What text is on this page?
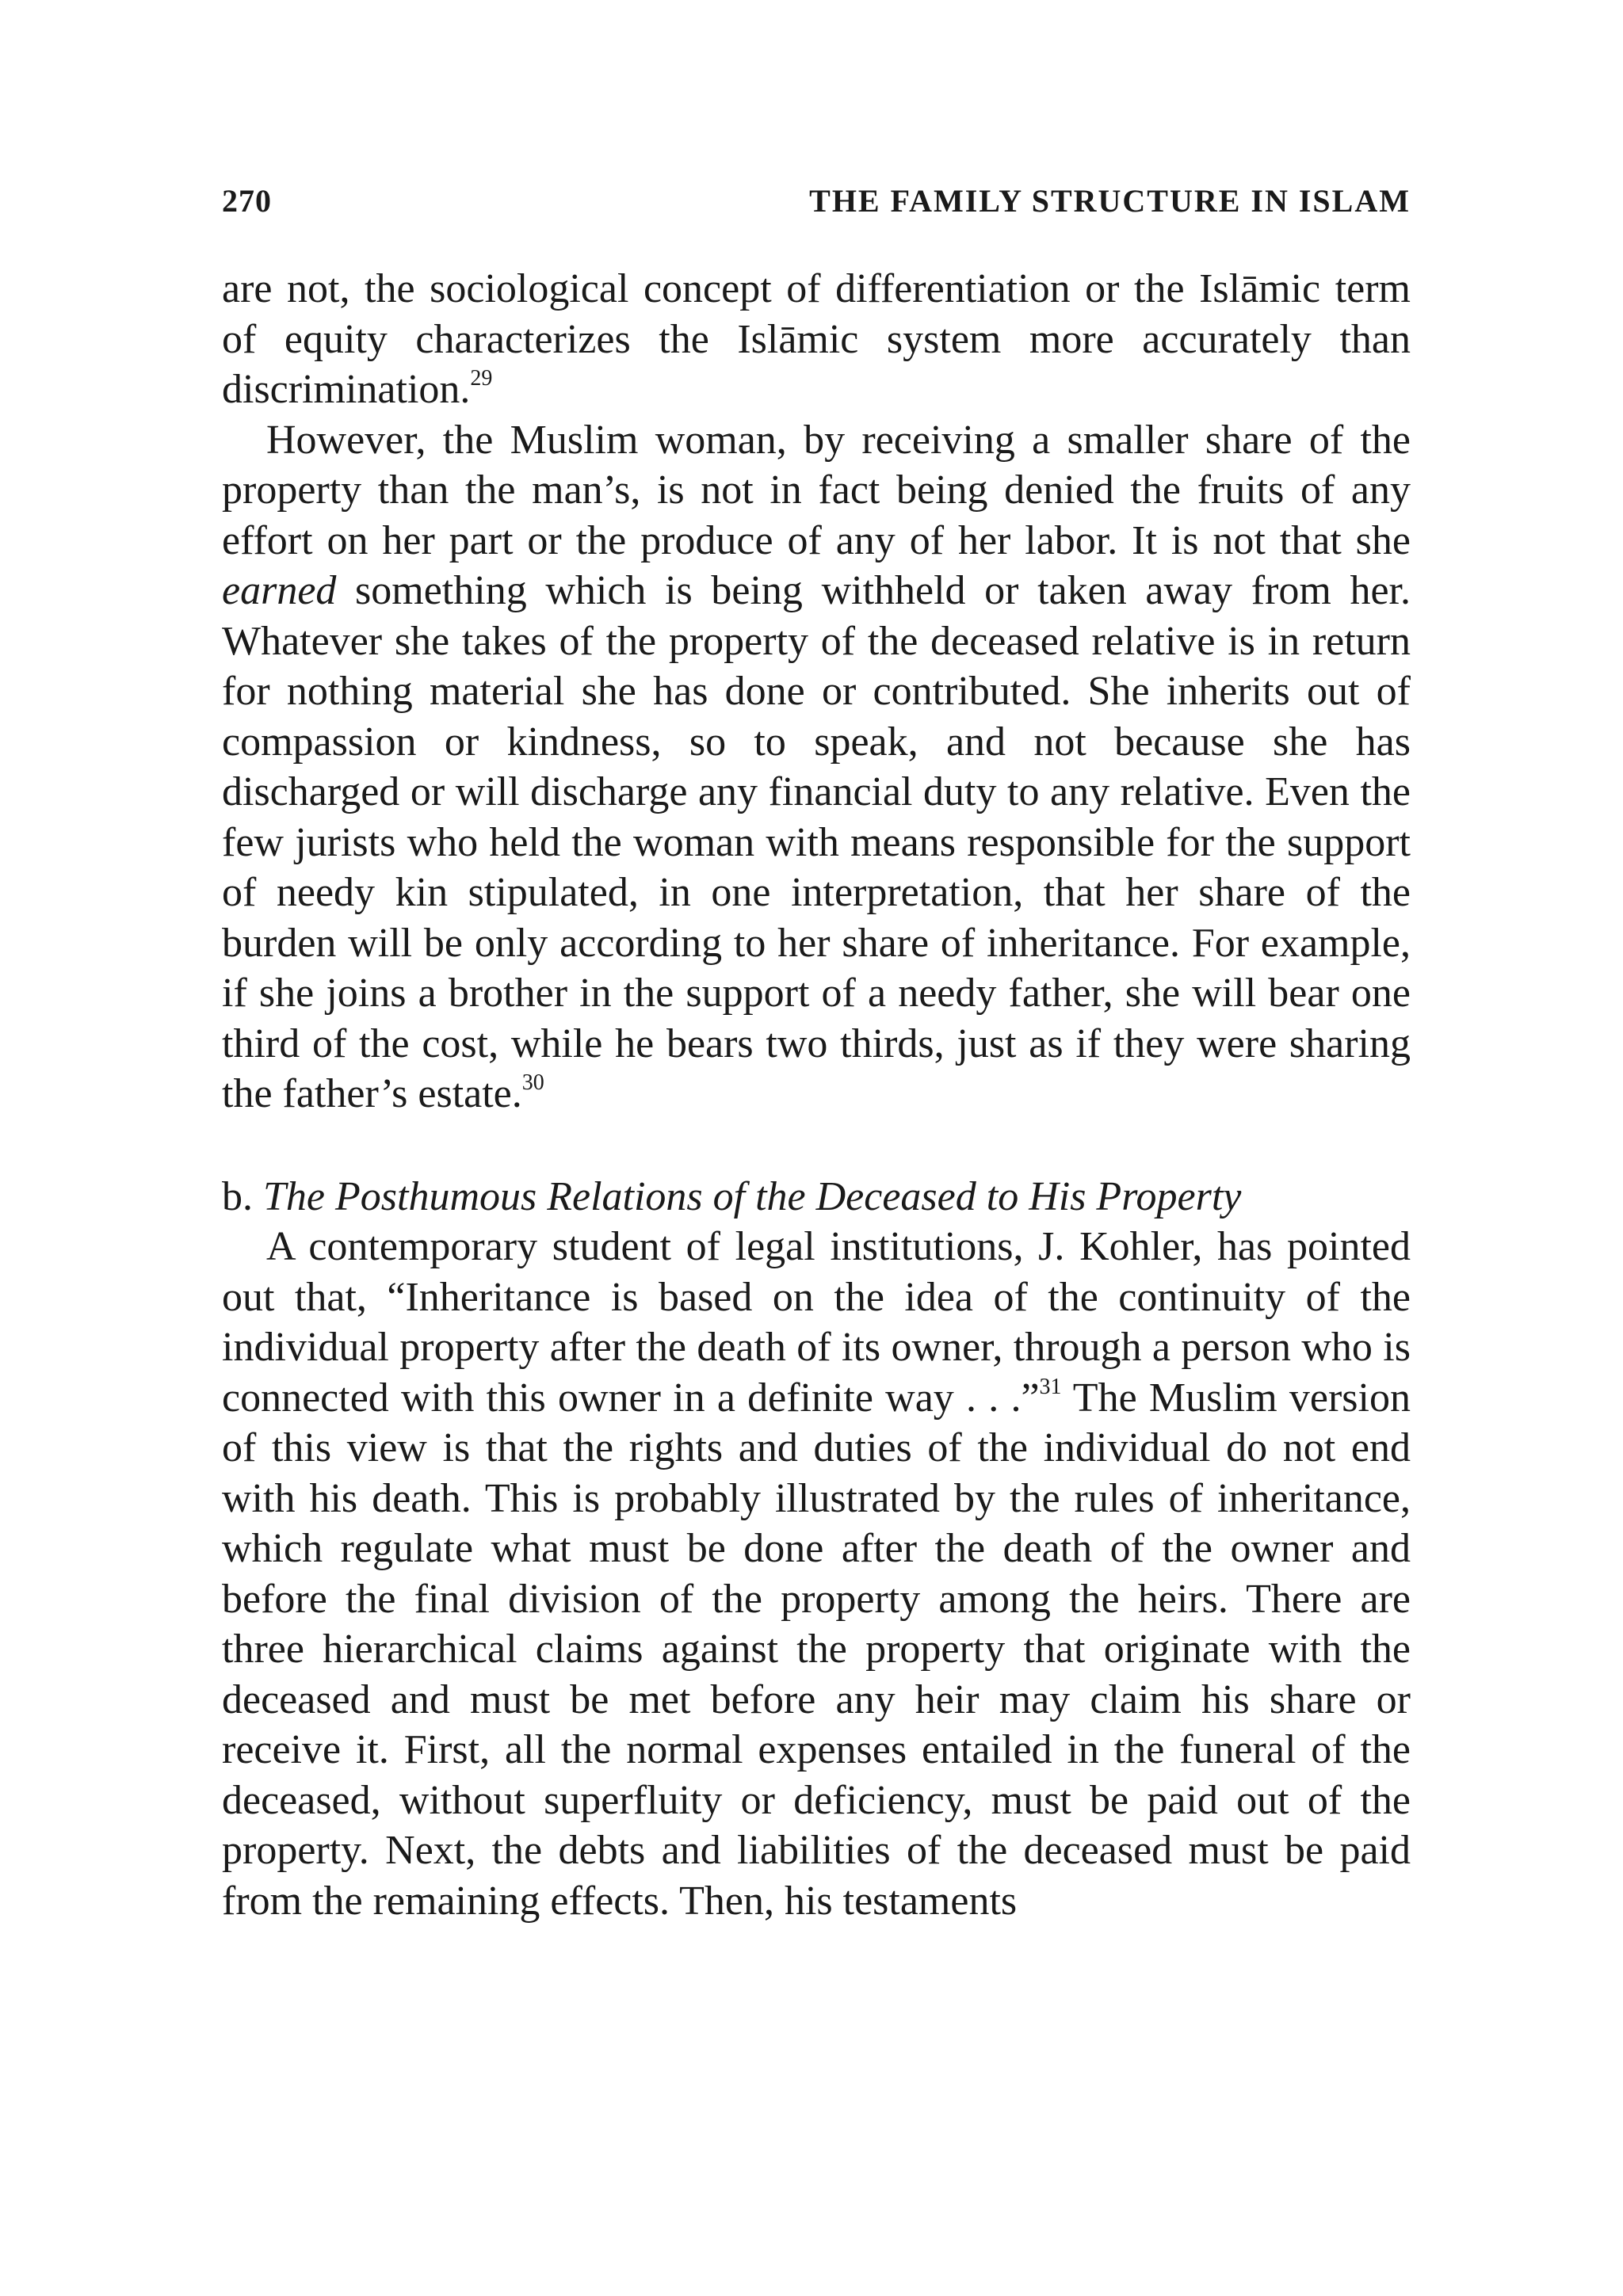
270	THE FAMILY STRUCTURE IN ISLAM

are not, the sociological concept of differentiation or the Islāmic term of equity characterizes the Islāmic system more accurately than discrimination.$^{29}$

However, the Muslim woman, by receiving a smaller share of the property than the man’s, is not in fact being denied the fruits of any effort on her part or the produce of any of her labor. It is not that she earned something which is being withheld or taken away from her. Whatever she takes of the property of the deceased relative is in return for nothing material she has done or contributed. She inherits out of compassion or kindness, so to speak, and not because she has discharged or will discharge any financial duty to any relative. Even the few jurists who held the woman with means responsible for the support of needy kin stipulated, in one interpretation, that her share of the burden will be only according to her share of inheritance. For example, if she joins a brother in the support of a needy father, she will bear one third of the cost, while he bears two thirds, just as if they were sharing the father’s estate.$^{30}$

b. The Posthumous Relations of the Deceased to His Property

A contemporary student of legal institutions, J. Kohler, has pointed out that, “Inheritance is based on the idea of the continuity of the individual property after the death of its owner, through a person who is connected with this owner in a definite way . . .”$^{31}$ The Muslim version of this view is that the rights and duties of the individual do not end with his death. This is probably illustrated by the rules of inheritance, which regulate what must be done after the death of the owner and before the final division of the property among the heirs. There are three hierarchical claims against the property that originate with the deceased and must be met before any heir may claim his share or receive it. First, all the normal expenses entailed in the funeral of the deceased, without superfluity or deficiency, must be paid out of the property. Next, the debts and liabilities of the deceased must be paid from the remaining effects. Then, his testaments
